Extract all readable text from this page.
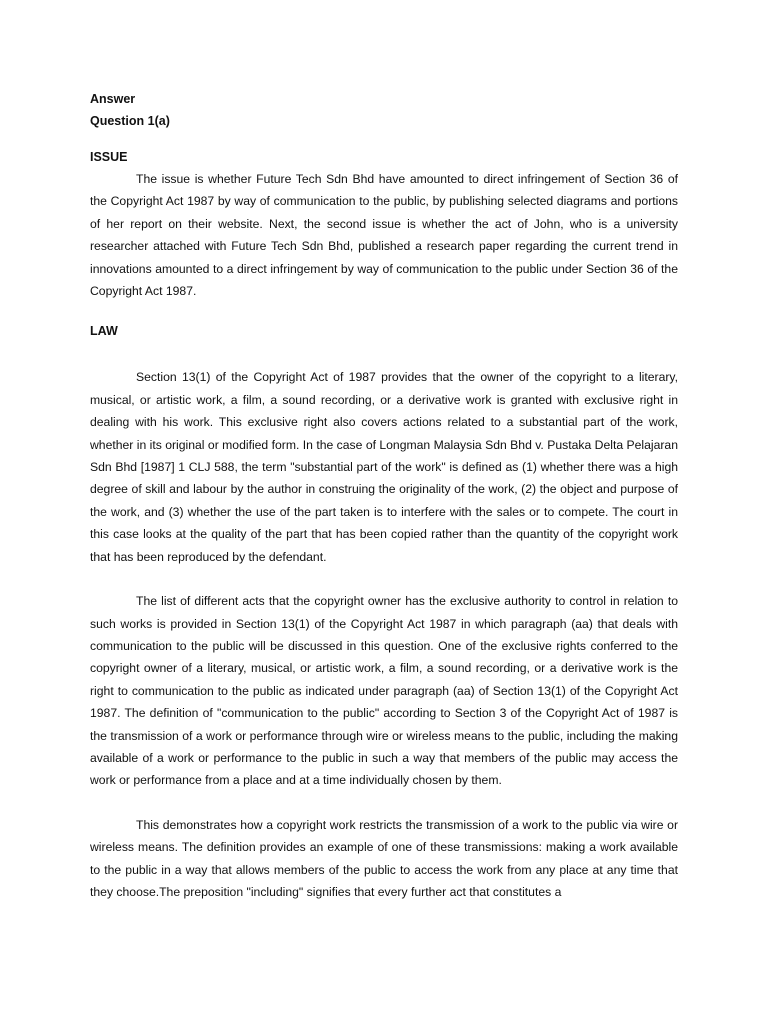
Answer

Question 1(a)

ISSUE

The issue is whether Future Tech Sdn Bhd have amounted to direct infringement of Section 36 of the Copyright Act 1987 by way of communication to the public, by publishing selected diagrams and portions of her report on their website. Next, the second issue is whether the act of John, who is a university researcher attached with Future Tech Sdn Bhd, published a research paper regarding the current trend in innovations amounted to a direct infringement by way of communication to the public under Section 36 of the Copyright Act 1987.

LAW

Section 13(1) of the Copyright Act of 1987 provides that the owner of the copyright to a literary, musical, or artistic work, a film, a sound recording, or a derivative work is granted with exclusive right in dealing with his work. This exclusive right also covers actions related to a substantial part of the work, whether in its original or modified form. In the case of Longman Malaysia Sdn Bhd v. Pustaka Delta Pelajaran Sdn Bhd [1987] 1 CLJ 588, the term "substantial part of the work" is defined as (1) whether there was a high degree of skill and labour by the author in construing the originality of the work, (2) the object and purpose of the work, and (3) whether the use of the part taken is to interfere with the sales or to compete. The court in this case looks at the quality of the part that has been copied rather than the quantity of the copyright work that has been reproduced by the defendant.

The list of different acts that the copyright owner has the exclusive authority to control in relation to such works is provided in Section 13(1) of the Copyright Act 1987 in which paragraph (aa) that deals with communication to the public will be discussed in this question. One of the exclusive rights conferred to the copyright owner of a literary, musical, or artistic work, a film, a sound recording, or a derivative work is the right to communication to the public as indicated under paragraph (aa) of Section 13(1) of the Copyright Act 1987. The definition of "communication to the public" according to Section 3 of the Copyright Act of 1987 is the transmission of a work or performance through wire or wireless means to the public, including the making available of a work or performance to the public in such a way that members of the public may access the work or performance from a place and at a time individually chosen by them.

This demonstrates how a copyright work restricts the transmission of a work to the public via wire or wireless means. The definition provides an example of one of these transmissions: making a work available to the public in a way that allows members of the public to access the work from any place at any time that they choose.The preposition "including" signifies that every further act that constitutes a
